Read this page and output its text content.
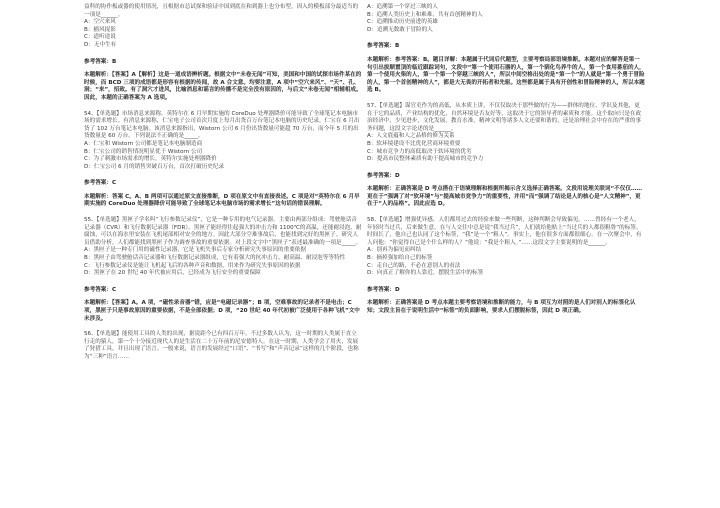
益科的协作板或器的使用情况，且根据市总试探和验证中国到底在和到器上也分布型，因入的模板部分最适当的一项是______。

A：空穴来风

B：捕风捉影

C：道听途说

D：无中生有

参考答案：B

本题解析：【答案】A【解析】这是一道成语辨析题。根据文中“未卷无闻”可知，美国和中国的试探市场件某在的时候，而 BCD 三项的成语都是形容有根据的传闻，故 A 合文意。均要注意，A 项中“空穴来风”、“天”、孔、洞；“来”，招致。有了洞穴才进风，比喻消息和谣言的传播不是完全没有原因的，与后文“未卷无闻”相辅相成。因此，本题的正确答案为 A 选项。

54、【单选题】市场消息来源称，英特尔在 6 月早期实施的 CoreDuo 处理器降价可能导致了全球笔记本电脑市场的需求增长。有消息来源称，仁宝电子公司首次月度上每月出货百万台笔记本电脑的历史纪录，仁宝在 6 月出货了 102 万台笔记本电脑。该消息来源指出，Wistorn 公司 6 月份出货数量可能超 70 万台，而今年 5 月的出货数量是 60 万台。下列说法不正确的是_____。

A：仁宝和 Wistorn 公司都是笔记本电脑制造商

B：仁宝公司的销售情况明显优于 Wistorn 公司

C：为了刺激市场需求的增长，英特尔实施处理器降价

D：仁宝公司 6 月的销售突破百万台，首次打破历史纪录

参考答案：C

本题解析：答案 C。A、B 两项可以通过原文直接推断，D 项在原文中有直接表述。C 项是对“英特尔在 6 月早期实施的 CoreDuo 处理器降价可能导致了全球笔记本电脑市场的需求增长”这句话的错误理解。

55、【单选题】黑匣子学名叫“飞行参数记录仪”，它是一种专用的电气记录器。主要由两部分组成：驾驶舱话音记录器（CVR）和飞行数据记录器（FDR）。黑匣子能经得住起强大的冲击力和 1100℃的高温，还能耐浸泡、耐腐蚀，可以在海水里安装在飞机尾部相对安全的地方。因此大部分空难事故后，也能找到完好的黑匣子。研究人员借助分析，人们都能找到黑匣子作为调查事故的重要依据。对上段文字中“黑匣子”表述最准确的一项是_____。

A：黑匣子是一种专门用的磁性记录器，它是飞机失事后专家分析研究失事原因的重要依据

B：黑匣子由驾驶舱话音记录器和飞行数据记录器组成，它有着强大的抗冲击力、耐高温、耐浸泡等等特性

C：飞行参数记录仪是能让飞机起飞后的各种声音和数据，用来作为研究失事原因的依据

D：黑匣子在 20 世纪 40 年代被应用后，已经成为飞行安全的重要保障

参考答案：C

本题解析：【答案】A。A 项，“磁性录音器”错，应是“电磁记录器”；B 项，空难事故的记录者不是电击；C 项，黑匣子只是事故原因的重要依据，不是全部依据；D 项，“20 世纪 40 年代初被广泛使用于各种飞机”文中未涉及。

56、【单选题】能使用工具的人类的出现，据说距今已有四百万年。不过多数人认为，这一时期的人类属于直立行走的猿人，第一个十分接近现代人的是生活在二十万年前的尼安德特人。在这一时期，人类学会了用火，发展了狩猎工具，并且出现了语言。一般来说，语言的发展经过“口语”、“书写”和“声音记录”这样的几个阶段，也称为“三种”语言……

A：追溯第一个穿过三峡的人

B：追溯人类历史上和难难，共有首创精神的人

C：追溯推动历史前进的英雄

D：追溯无数敢于冒险的人

参考答案：B

本题解析：参考答案：B。题目详解：本题属于代词后代题型，主要考察局部语境推断。本题对应的解答是第一句引出拔顺置顶的临近跟踪词句，文段中“第一个使用石器的人，第一个驯化鸟养牛的人，第一个食用番茄的人，第一个使用火柴的人，第一个第一个穿越三峡的人”，所以中间空格出处的是“第一个”的人就是“第一个勇于冒险的人，第一个首创精神的人”，都是大无畏的开拓者和先驱。这些都是属于具有开创性和冒险精神的人，所以本题选 B。

57、【单选题】谋官吏作为的高低，从本质上讲，不仅仅取决于那些做的行为——群体的地位、学识及其他，更在于它的品质，产业结构的优化，自然环境是否友好等，这取决于它的领导者的素质和才能。这个取向只是在政治经济中，少见进步，文化发展，教育水准，精神文明等诸多人文还要和谐的，还是治理社会中存在的严重的事务问题，这段文字论述的是______。

A：人文底蕴和人之品格的修为关系

B：软环境建设不比优化营商环境重要

C：城市竞争力的高低取决于软环境的优劣

D：提高市民整体素质有助于提高城市的竞争力

参考答案：D

本题解析：正确答案是 D 考点搭在于语境理解和根据所揭示含义选择正确答案。文段用说理关联词“不仅仅……更在于”强调了对“软环境”与“提高城市竞争力”的重要性，并用“而”强调了结论是人的核心是“人文精神”，更在于“人的品格”。因此应选 D。

58、【单选题】增强优异感，人们都用过去的经验来做一些判断，这种判断会导致偏见。……曾经有一个老人，年轻时当过兵，后来做生意，在与人交往中总是说“我当过兵”，人们就给他贴上“当过兵的人都很粗鲁”的标签。时间长了，他自己也认同了这个标签，“我”是一个“粗人”。事实上，他在很多方面都很细心。在一次聚会中，有人问他：“你觉得自己是个什么样的人？”他说：“我是个粗人。”……这段文字主要说明的是______。

A：别再为偏见而纠结

B：摘掉强加给自己的标签

C：走自己的路，不必在意别人的看法

D：向真正了解你的人靠近，摆脱生活中的标签

参考答案：D

本题解析：正确答案是 D 考点本题主要考察语境和推断的能力，与 B 项互为对照的是人们对别人的标签化认知；文段主旨在于说明生活中“标签”的负面影响，要求人们摆脱标签，因此 D 项正确。
